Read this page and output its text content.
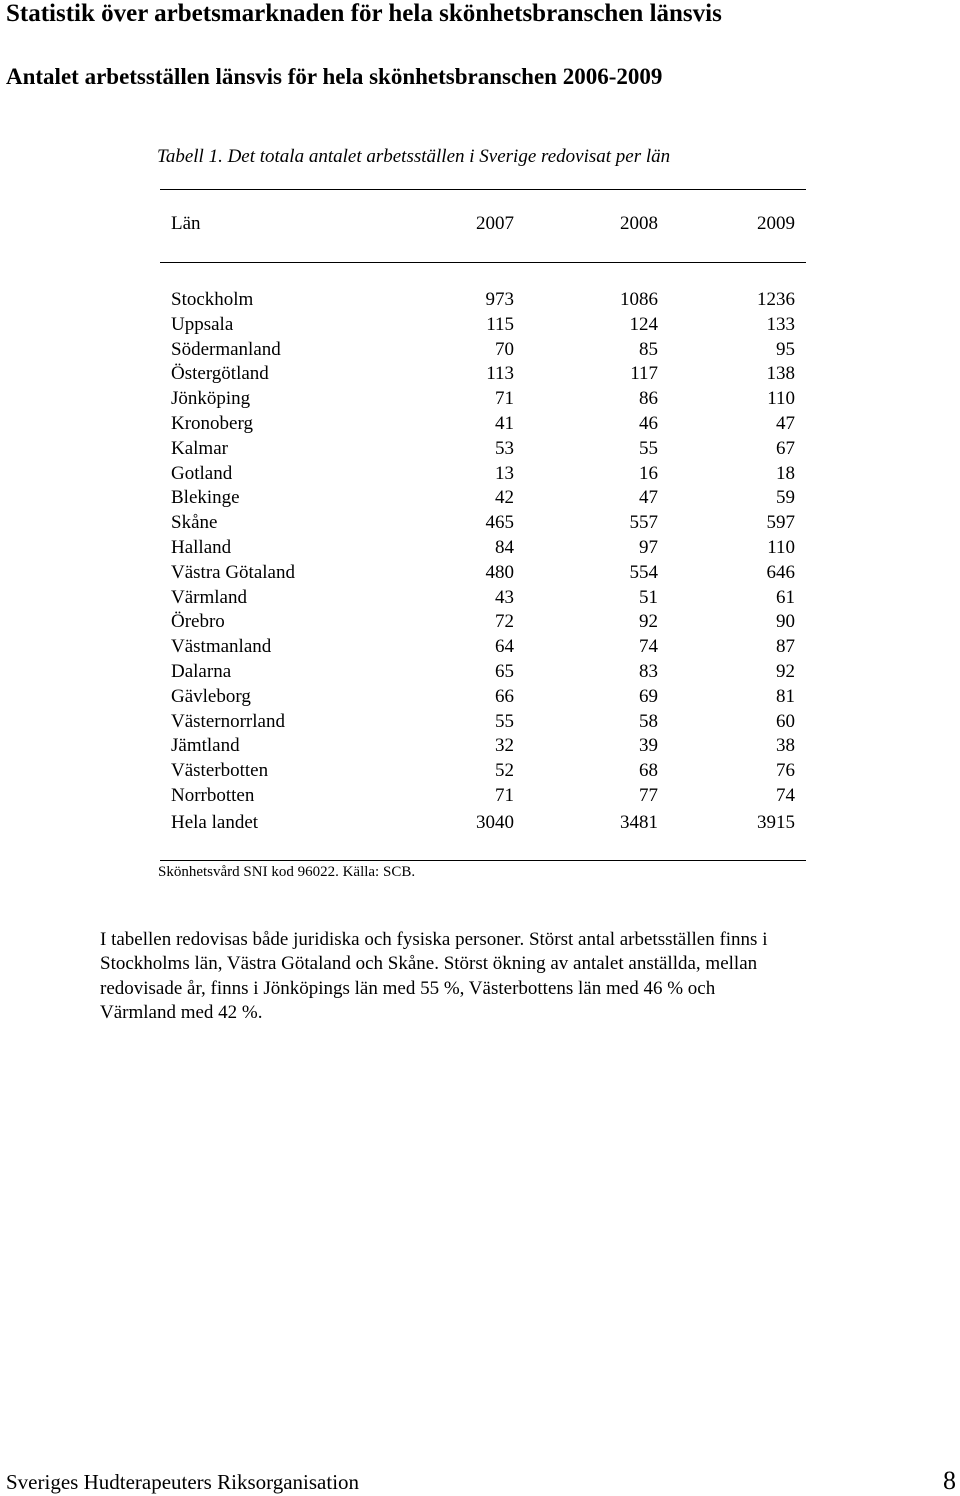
Statistik över arbetsmarknaden för hela skönhetsbranschen länsvis
Antalet arbetsställen länsvis för hela skönhetsbranschen 2006-2009
Tabell 1. Det totala antalet arbetsställen i Sverige redovisat per län
Län	2007	2008	2009
Stockholm	973	1086	1236
Uppsala	115	124	133
Södermanland	70	85	95
Östergötland	113	117	138
Jönköping	71	86	110
Kronoberg	41	46	47
Kalmar	53	55	67
Gotland	13	16	18
Blekinge	42	47	59
Skåne	465	557	597
Halland	84	97	110
Västra Götaland	480	554	646
Värmland	43	51	61
Örebro	72	92	90
Västmanland	64	74	87
Dalarna	65	83	92
Gävleborg	66	69	81
Västernorrland	55	58	60
Jämtland	32	39	38
Västerbotten	52	68	76
Norrbotten	71	77	74
Hela landet	3040	3481	3915
Skönhetsvård SNI kod 96022. Källa: SCB.
I tabellen redovisas både juridiska och fysiska personer. Störst antal arbetsställen finns i
Stockholms län, Västra Götaland och Skåne. Störst ökning av antalet anställda, mellan
redovisade år, finns i Jönköpings län med 55 %, Västerbottens län med 46 % och
Värmland med 42 %.
Sveriges Hudterapeuters Riksorganisation	8
